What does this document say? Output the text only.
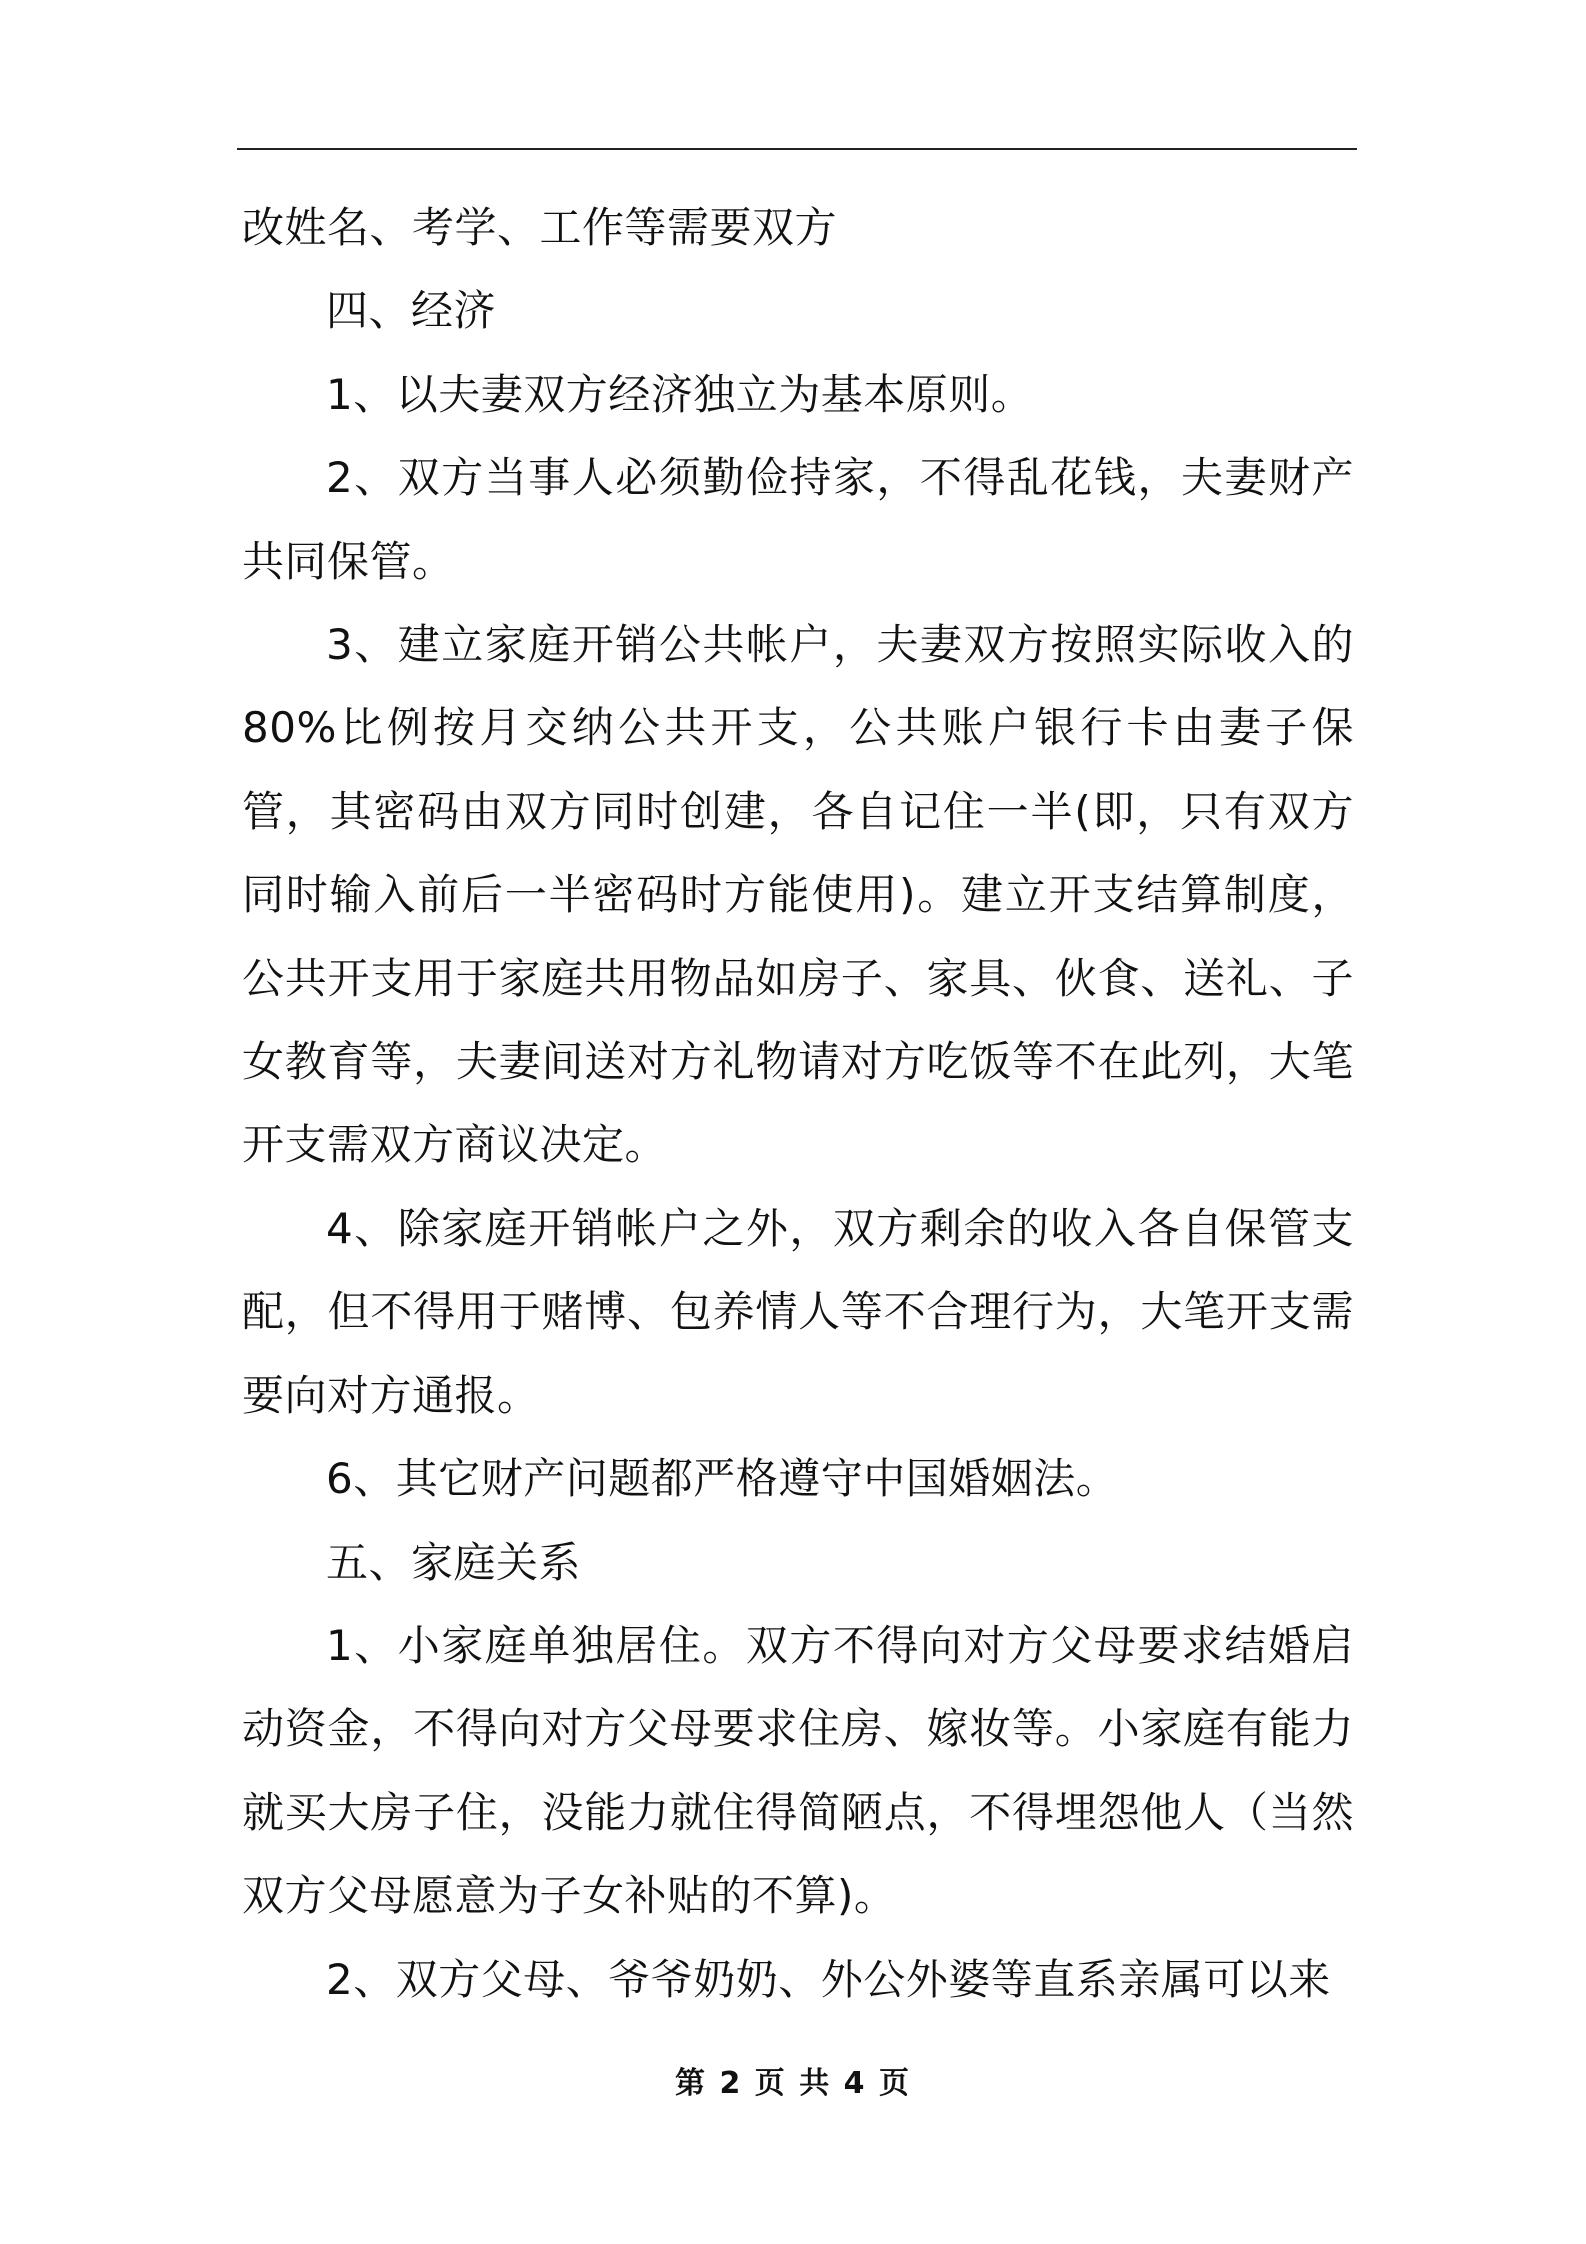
改姓名、考学、工作等需要双方

四、经济

1、以夫妻双方经济独立为基本原则。

2、双方当事人必须勤俭持家，不得乱花钱，夫妻财产共同保管。

3、建立家庭开销公共帐户，夫妻双方按照实际收入的80%比例按月交纳公共开支，公共账户银行卡由妻子保管，其密码由双方同时创建，各自记住一半(即，只有双方同时输入前后一半密码时方能使用)。建立开支结算制度，公共开支用于家庭共用物品如房子、家具、伙食、送礼、子女教育等，夫妻间送对方礼物请对方吃饭等不在此列，大笔开支需双方商议决定。

4、除家庭开销帐户之外，双方剩余的收入各自保管支配，但不得用于赌博、包养情人等不合理行为，大笔开支需要向对方通报。

6、其它财产问题都严格遵守中国婚姻法。

五、家庭关系

1、小家庭单独居住。双方不得向对方父母要求结婚启动资金，不得向对方父母要求住房、嫁妆等。小家庭有能力就买大房子住，没能力就住得简陋点，不得埋怨他人（当然双方父母愿意为子女补贴的不算)。

2、双方父母、爷爷奶奶、外公外婆等直系亲属可以来

第 2 页 共 4 页
